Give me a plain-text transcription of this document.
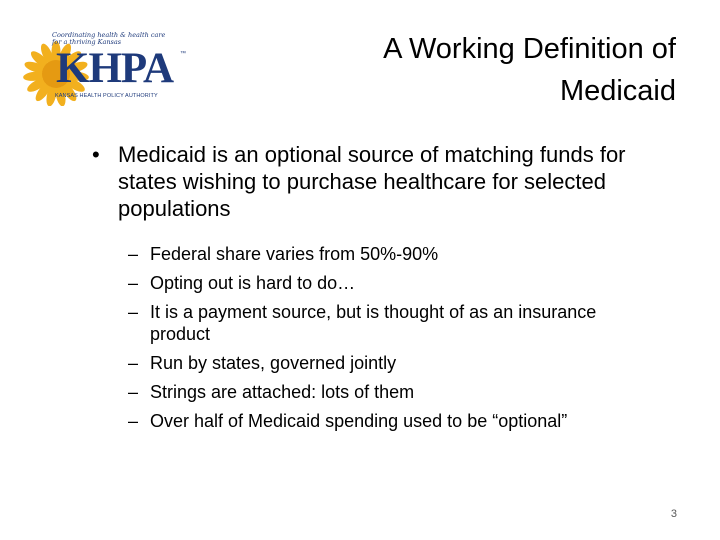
Coordinating health & health care for a thriving Kansas
KHPA ™
KANSAS HEALTH POLICY AUTHORITY
A Working Definition of Medicaid
• Medicaid is an optional source of matching funds for states wishing to purchase healthcare for selected populations
– Federal share varies from 50%-90%
– Opting out is hard to do…
– It is a payment source, but is thought of as an insurance product
– Run by states, governed jointly
– Strings are attached: lots of them
– Over half of Medicaid spending used to be “optional”
3
